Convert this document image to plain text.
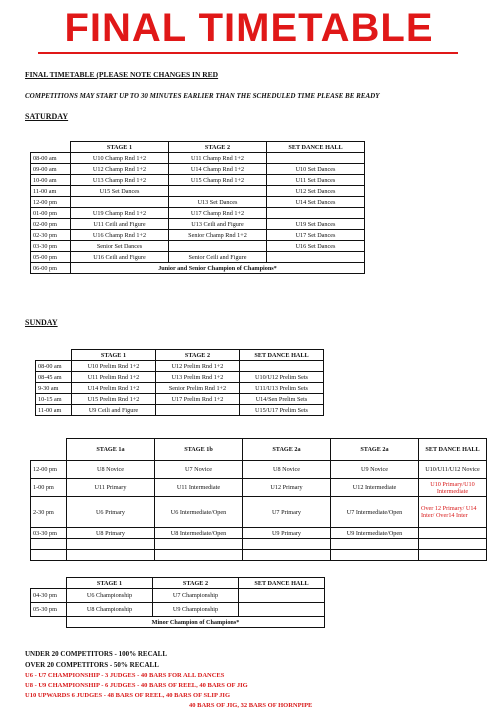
FINAL TIMETABLE
FINAL TIMETABLE (PLEASE NOTE CHANGES IN RED
COMPETITIONS MAY START UP TO 30 MINUTES EARLIER THAN THE SCHEDULED TIME PLEASE BE READY
SATURDAY
	STAGE 1	STAGE 2	SET DANCE HALL
08-00 am	U10 Champ Rnd 1+2	U11 Champ Rnd 1+2	
09-00 am	U12 Champ Rnd 1+2	U14 Champ Rnd 1+2	U10 Set Dances
10-00 am	U13 Champ Rnd 1+2	U15 Champ Rnd 1+2	U11 Set Dances
11-00 am	U15 Set Dances		U12 Set Dances
12-00 pm		U13 Set Dances	U14 Set Dances
01-00 pm	U19 Champ Rnd 1+2	U17 Champ Rnd 1+2	
02-00 pm	U11 Ceili and Figure	U13 Ceili and Figure	U19 Set Dances
02-30 pm	U16 Champ Rnd 1+2	Senior Champ Rnd 1+2	U17 Set Dances
03-30 pm	Senior Set Dances		U16 Set Dances
05-00 pm	U16 Ceili and Figure	Senior Ceili and Figure	
06-00 pm	Junior and Senior Champion of Champions*		
SUNDAY
	STAGE 1	STAGE 2	SET DANCE HALL
08-00 am	U10 Prelim Rnd 1+2	U12 Prelim Rnd 1+2	
08-45 am	U11 Prelim Rnd 1+2	U13 Prelim Rnd 1+2	U10/U12 Prelim Sets
9-30 am	U14 Prelim Rnd 1+2	Senior Prelim Rnd 1+2	U11/U13 Prelim Sets
10-15 am	U15 Prelim Rnd 1+2	U17 Prelim Rnd 1+2	U14/Sen Prelim Sets
11-00 am	U9 Ceili and Figure		U15/U17 Prelim Sets
	STAGE 1a	STAGE 1b	STAGE 2a	STAGE 2a	SET DANCE HALL
12-00 pm	U8 Novice	U7 Novice	U8 Novice	U9 Novice	U10/U11/U12 Novice
1-00 pm	U11 Primary	U11 Intermediate	U12 Primary	U12 Intermediate	U10 Primary/U10 Intermediate
2-30 pm	U6 Primary	U6 Intermediate/Open	U7 Primary	U7 Intermediate/Open	Over 12 Primary/ U14 Inter/ Over14 Inter
03-30 pm	U8 Primary	U8 Intermediate/Open	U9 Primary	U9 Intermediate/Open	

	STAGE 1	STAGE 2	SET DANCE HALL
04-30 pm	U6 Championship	U7 Championship	
05-30 pm	U8 Championship	U9 Championship	
	Minor Champion of Champions*		
UNDER 20 COMPETITORS - 100% RECALL
OVER 20 COMPETITORS - 50% RECALL
U6 - U7 CHAMPIONSHIP - 3 JUDGES - 40 BARS FOR ALL DANCES
U8 - U9 CHAMPIONSHIP - 6 JUDGES - 40 BARS OF REEL, 40 BARS OF JIG
U10 UPWARDS 6 JUDGES - 48 BARS OF REEL, 40 BARS OF SLIP JIG
40 BARS OF JIG, 32 BARS OF HORNPIPE
